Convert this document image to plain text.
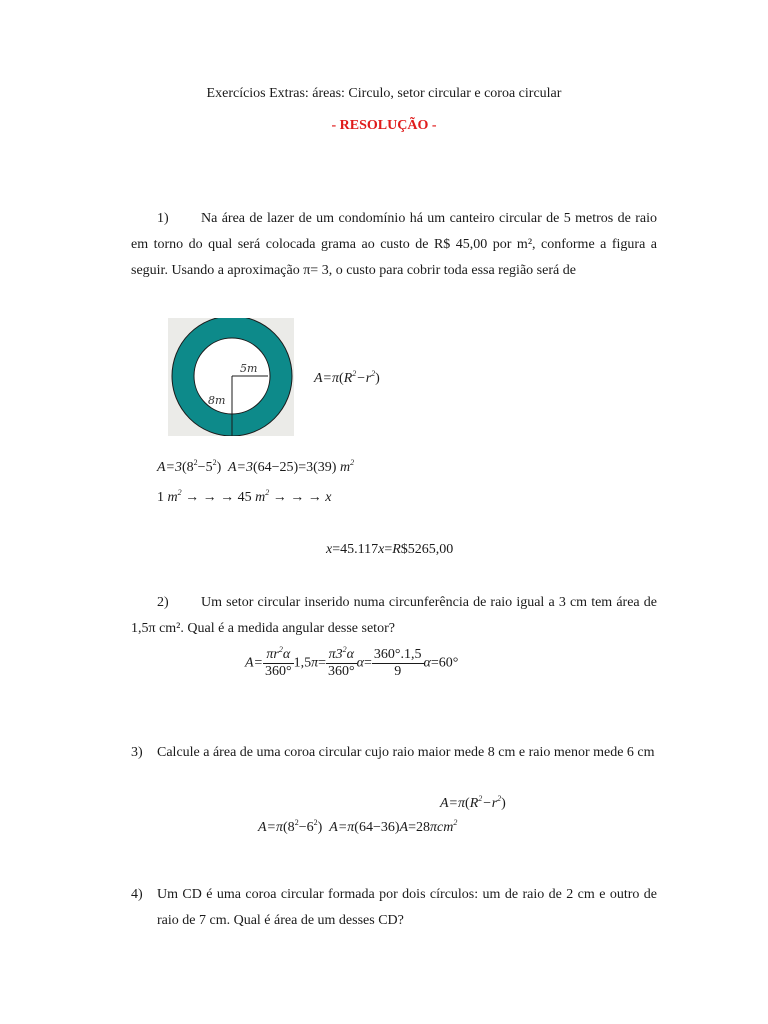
Exercícios Extras: áreas: Circulo, setor circular e coroa circular
- RESOLUÇÃO -
1)	Na área de lazer de um condomínio há um canteiro circular de 5 metros de raio em torno do qual será colocada grama ao custo de R$ 45,00 por m², conforme a figura a seguir. Usando a aproximação π= 3, o custo para cobrir toda essa região será de
5m
8m
$A=\pi(R^2-r^2)$
$A=3(8^2-5^2)$  A=3(64−25)=3(39) $m^2$
1 $m^2$ → → → 45 $m^2$ → → → x
x=45.117x=R$5265,00
2)	Um setor circular inserido numa circunferência de raio igual a 3 cm tem área de 1,5π cm². Qual é a medida angular desse setor?
$A= \frac{\pi r^2\alpha}{360^\circ} 1,5\pi= \frac{\pi 3^2\alpha}{360^\circ} \alpha= \frac{360^\circ.1,5}{9} \alpha=60^\circ$
3) Calcule a área de uma coroa circular cujo raio maior mede 8 cm e raio menor mede 6 cm
$A=\pi(R^2-r^2)$
$A=\pi(8^2-6^2)$  A=π(64−36)A=28πcm$^2$
4) Um CD é uma coroa circular formada por dois círculos: um de raio de 2 cm e outro de raio de 7 cm. Qual é área de um desses CD?
